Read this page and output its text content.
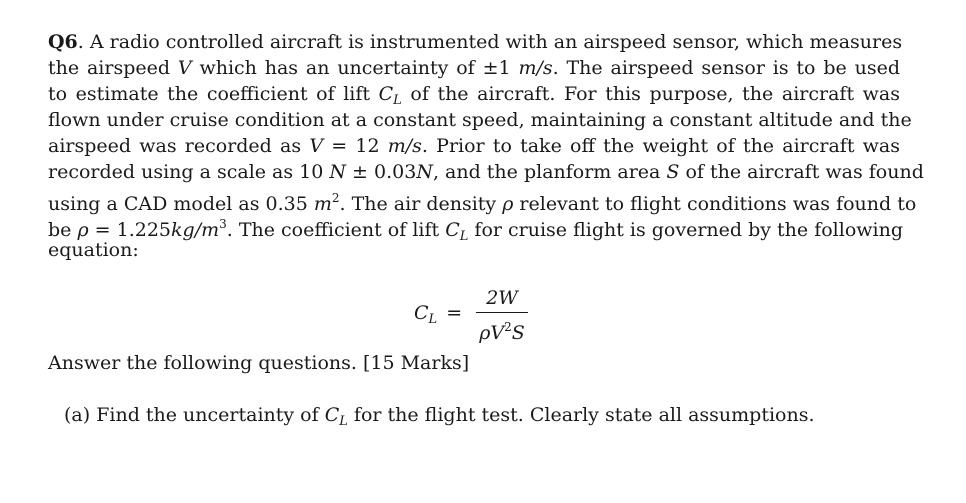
Q6. A radio controlled aircraft is instrumented with an airspeed sensor, which measures
the airspeed V which has an uncertainty of ±1 m/s. The airspeed sensor is to be used
to estimate the coefficient of lift $C_L$ of the aircraft. For this purpose, the aircraft was
flown under cruise condition at a constant speed, maintaining a constant altitude and the
airspeed was recorded as V = 12 m/s. Prior to take off the weight of the aircraft was
recorded using a scale as 10 N ± 0.03N, and the planform area S of the aircraft was found
using a CAD model as 0.35 $m^2$. The air density ρ relevant to flight conditions was found to
be $\rho = 1.225kg/m^3$. The coefficient of lift $C_L$ for cruise flight is governed by the following
equation:
$C_L$ =
2W
$\rho V^2S$
Answer the following questions. [15 Marks]
(a) Find the uncertainty of $C_L$ for the flight test. Clearly state all assumptions.
